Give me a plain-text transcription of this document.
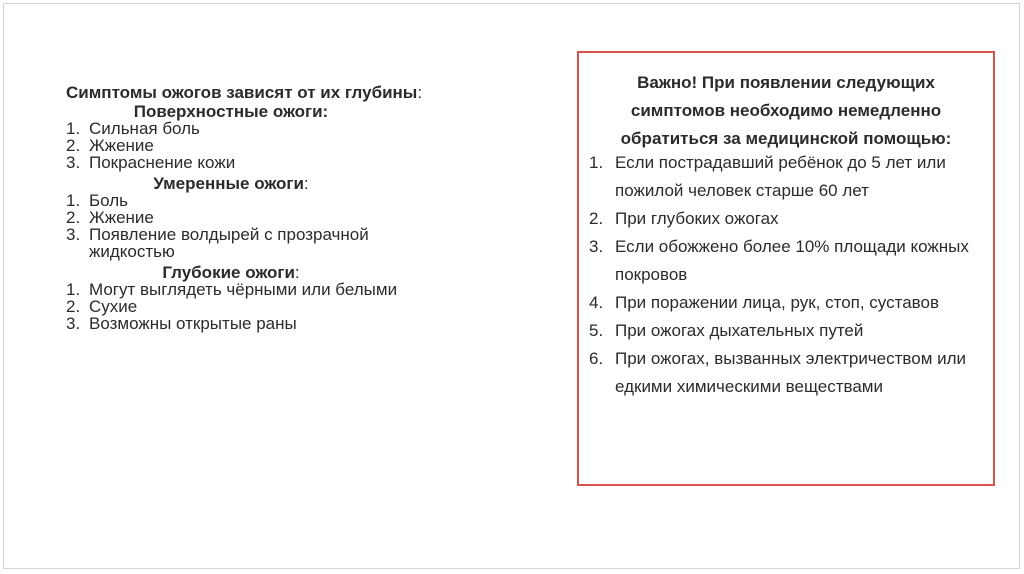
Симптомы ожогов зависят от их глубины:
Поверхностные ожоги:
1. Сильная боль
2. Жжение
3. Покраснение кожи
Умеренные ожоги:
1. Боль
2. Жжение
3. Появление волдырей с прозрачной жидкостью
Глубокие ожоги:
1. Могут выглядеть чёрными или белыми
2. Сухие
3. Возможны открытые раны
Важно! При появлении следующих
симптомов необходимо немедленно
обратиться за медицинской помощью:
1. Если пострадавший ребёнок до 5 лет или пожилой человек старше 60 лет
2. При глубоких ожогах
3. Если обожжено более 10% площади кожных покровов
4. При поражении лица, рук, стоп, суставов
5. При ожогах дыхательных путей
6. При ожогах, вызванных электричеством или едкими химическими веществами
